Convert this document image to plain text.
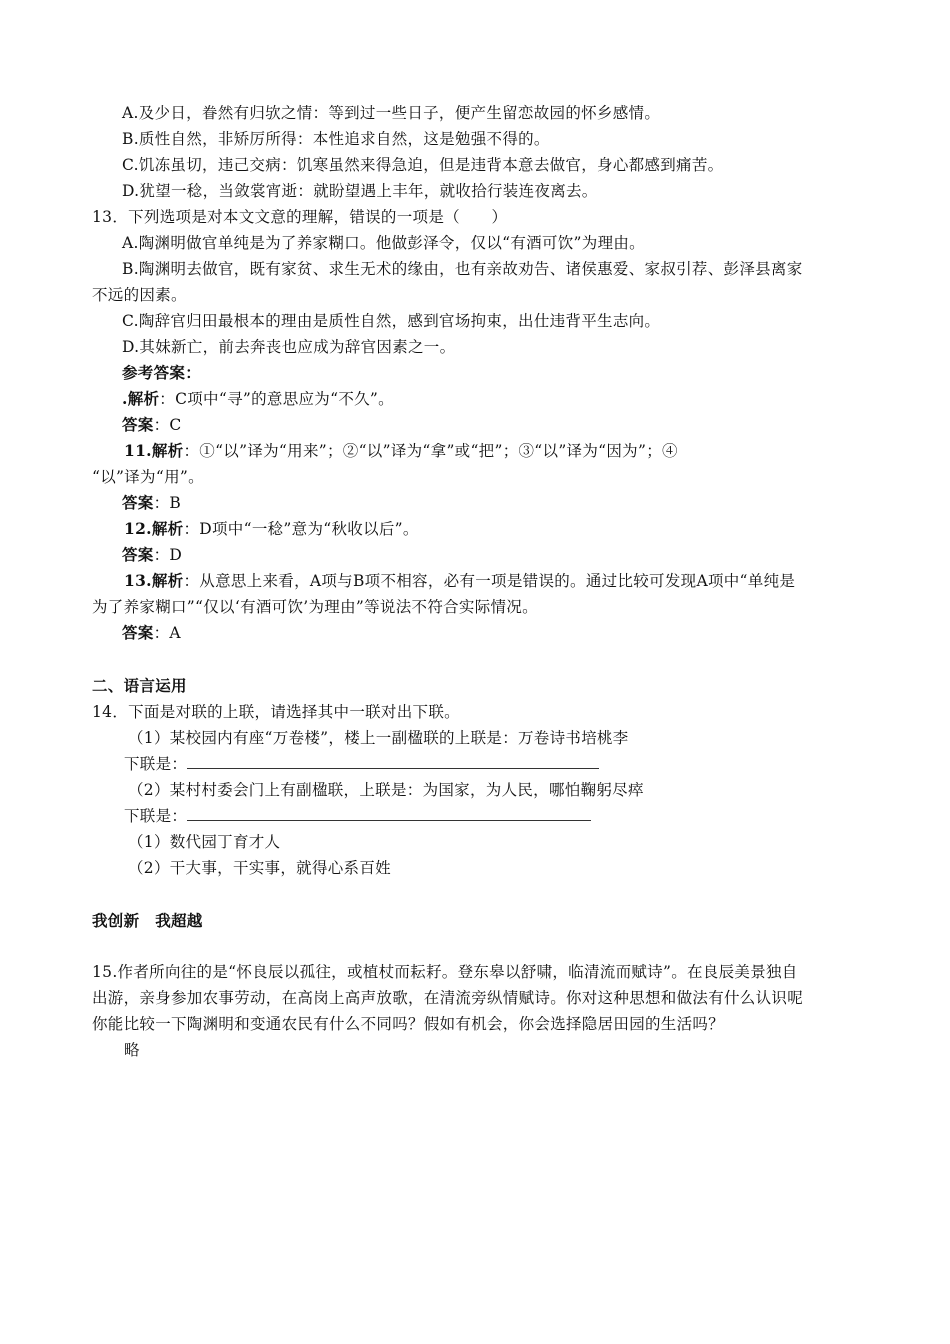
A.及少日，眷然有归欤之情：等到过一些日子，便产生留恋故园的怀乡感情。
B.质性自然，非矫厉所得：本性追求自然，这是勉强不得的。
C.饥冻虽切，违己交病：饥寒虽然来得急迫，但是违背本意去做官，身心都感到痛苦。
D.犹望一稔，当敛裳宵逝：就盼望遇上丰年，就收拾行装连夜离去。
13．下列选项是对本文文意的理解，错误的一项是（　　）
A.陶渊明做官单纯是为了养家糊口。他做彭泽令，仅以“有酒可饮”为理由。
B.陶渊明去做官，既有家贫、求生无术的缘由，也有亲故劝告、诸侯惠爱、家叔引荐、彭泽县离家
不远的因素。
C.陶辞官归田最根本的理由是质性自然，感到官场拘束，出仕违背平生志向。
D.其妹新亡，前去奔丧也应成为辞官因素之一。
参考答案：
.解析：C项中“寻”的意思应为“不久”。
答案：C
11.解析：①“以”译为“用来”；②“以”译为“拿”或“把”；③“以”译为“因为”；④
“以”译为“用”。
答案：B
12.解析：D项中“一稔”意为“秋收以后”。
答案：D
13.解析：从意思上来看，A项与B项不相容，必有一项是错误的。通过比较可发现A项中“单纯是
为了养家糊口”“仅以‘有酒可饮’为理由”等说法不符合实际情况。
答案：A
二、语言运用
14．下面是对联的上联，请选择其中一联对出下联。
（1）某校园内有座“万卷楼”，楼上一副楹联的上联是：万卷诗书培桃李
下联是：
（2）某村村委会门上有副楹联，上联是：为国家，为人民，哪怕鞠躬尽瘁
下联是：
（1）数代园丁育才人
（2）干大事，干实事，就得心系百姓
我创新　我超越
15.作者所向往的是“怀良辰以孤往，或植杖而耘耔。登东皋以舒啸，临清流而赋诗”。在良辰美景独自
出游，亲身参加农事劳动，在高岗上高声放歌，在清流旁纵情赋诗。你对这种思想和做法有什么认识呢
你能比较一下陶渊明和变通农民有什么不同吗？假如有机会，你会选择隐居田园的生活吗？
略
